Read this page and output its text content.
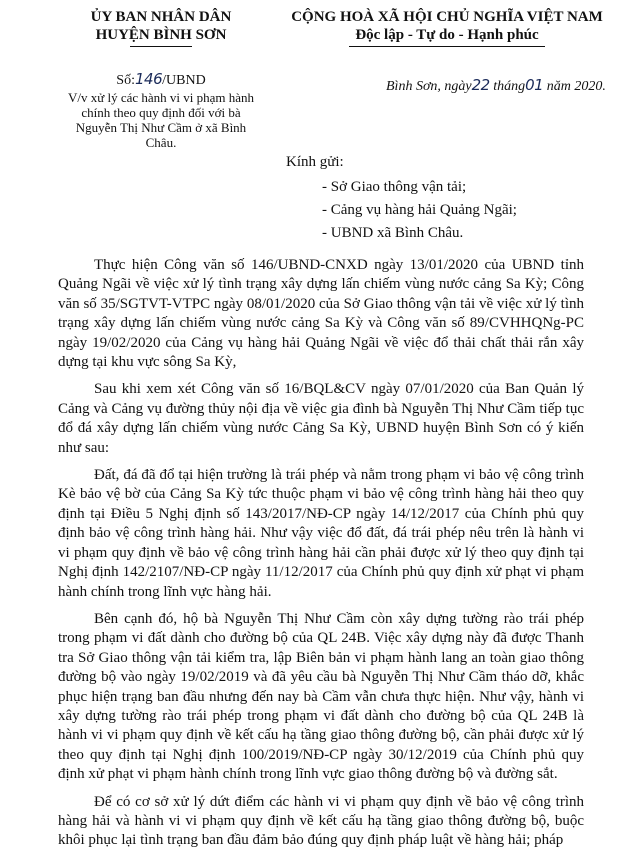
ỦY BAN NHÂN DÂN
HUYỆN BÌNH SƠN
CỘNG HOÀ XÃ HỘI CHỦ NGHĨA VIỆT NAM
Độc lập - Tự do - Hạnh phúc
Số:146/UBND
V/v xử lý các hành vi vi phạm hành chính theo quy định đối với bà Nguyễn Thị Như Cầm ở xã Bình Châu.
Bình Sơn, ngày22 tháng01 năm 2020.
Kính gửi:
- Sở Giao thông vận tải;
- Cảng vụ hàng hải Quảng Ngãi;
- UBND xã Bình Châu.

Thực hiện Công văn số 146/UBND-CNXD ngày 13/01/2020 của UBND tỉnh Quảng Ngãi về việc xử lý tình trạng xây dựng lấn chiếm vùng nước cảng Sa Kỳ; Công văn số 35/SGTVT-VTPC ngày 08/01/2020 của Sở Giao thông vận tải về việc xử lý tình trạng xây dựng lấn chiếm vùng nước cảng Sa Kỳ và Công văn số 89/CVHHQNg-PC ngày 19/02/2020 của Cảng vụ hàng hải Quảng Ngãi về việc đổ thải chất thải rắn xây dựng tại khu vực sông Sa Kỳ,

Sau khi xem xét Công văn số 16/BQL&CV ngày 07/01/2020 của Ban Quản lý Cảng và Cảng vụ đường thủy nội địa về việc gia đình bà Nguyễn Thị Như Cầm tiếp tục đổ đá xây dựng lấn chiếm vùng nước Cảng Sa Kỳ, UBND huyện Bình Sơn có ý kiến như sau:

Đất, đá đã đổ tại hiện trường là trái phép và nằm trong phạm vi bảo vệ công trình Kè bảo vệ bờ của Cảng Sa Kỳ tức thuộc phạm vi bảo vệ công trình hàng hải theo quy định tại Điều 5 Nghị định số 143/2017/NĐ-CP ngày 14/12/2017 của Chính phủ quy định bảo vệ công trình hàng hải. Như vậy việc đổ đất, đá trái phép nêu trên là hành vi vi phạm quy định về bảo vệ công trình hàng hải cần phải được xử lý theo quy định tại Nghị định 142/2107/NĐ-CP ngày 11/12/2017 của Chính phủ quy định xử phạt vi phạm hành chính trong lĩnh vực hàng hải.

Bên cạnh đó, hộ bà Nguyễn Thị Như Cầm còn xây dựng tường rào trái phép trong phạm vi đất dành cho đường bộ của QL 24B. Việc xây dựng này đã được Thanh tra Sở Giao thông vận tải kiểm tra, lập Biên bản vi phạm hành lang an toàn giao thông đường bộ vào ngày 19/02/2019 và đã yêu cầu bà Nguyễn Thị Như Cầm tháo dỡ, khắc phục hiện trạng ban đầu nhưng đến nay bà Cầm vẫn chưa thực hiện. Như vậy, hành vi xây dựng tường rào trái phép trong phạm vi đất dành cho đường bộ của QL 24B là hành vi vi phạm quy định về kết cấu hạ tầng giao thông đường bộ, cần phải được xử lý theo quy định tại Nghị định 100/2019/NĐ-CP ngày 30/12/2019 của Chính phủ quy định xử phạt vi phạm hành chính trong lĩnh vực giao thông đường bộ và đường sắt.

Để có cơ sở xử lý dứt điểm các hành vi vi phạm quy định về bảo vệ công trình hàng hải và hành vi vi phạm quy định về kết cấu hạ tầng giao thông đường bộ, buộc khôi phục lại tình trạng ban đầu đảm bảo đúng quy định pháp luật về hàng hải; pháp
